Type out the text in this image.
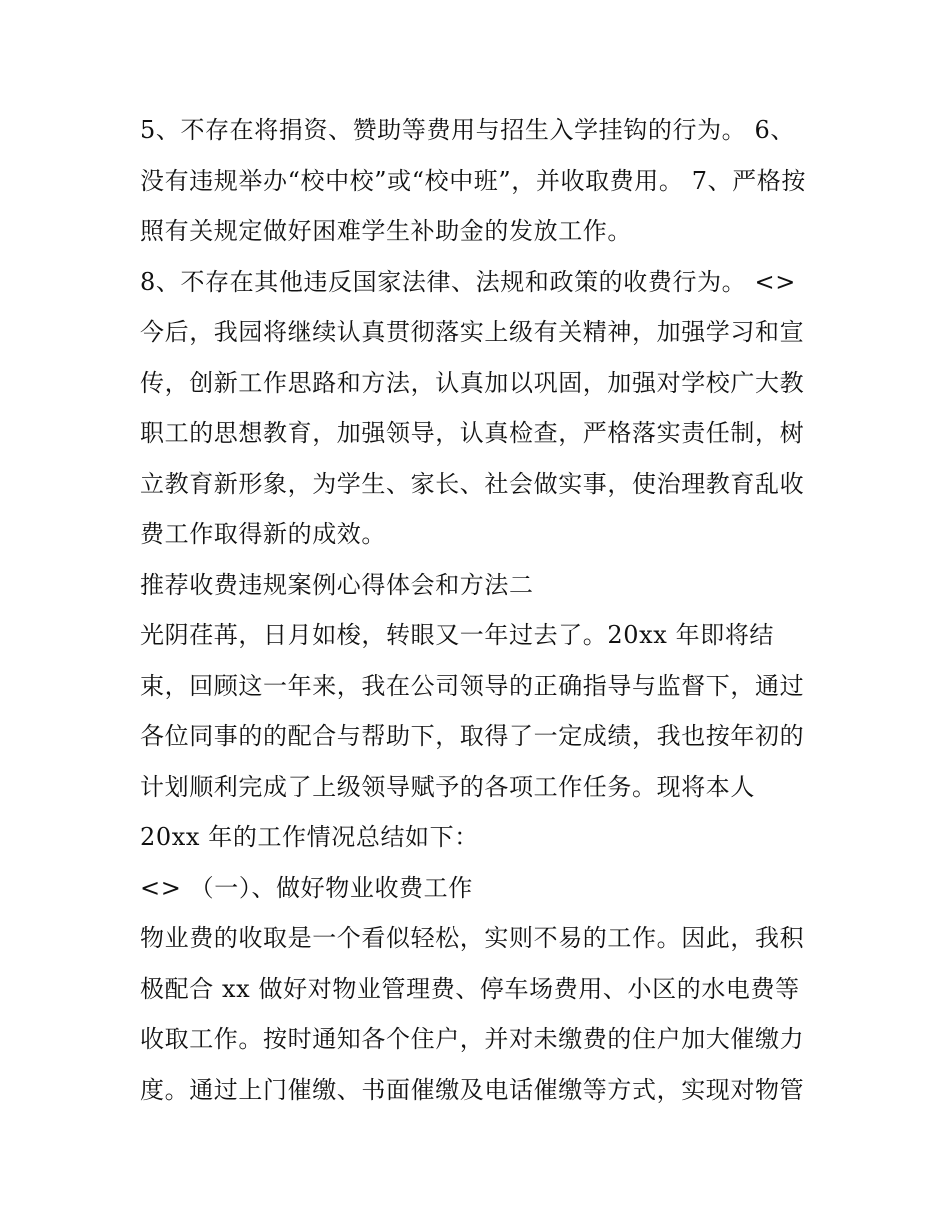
5、不存在将捐资、赞助等费用与招生入学挂钩的行为。 6、
没有违规举办“校中校”或“校中班”，并收取费用。 7、严格按
照有关规定做好困难学生补助金的发放工作。
8、不存在其他违反国家法律、法规和政策的收费行为。 <>
今后，我园将继续认真贯彻落实上级有关精神，加强学习和宣
传，创新工作思路和方法，认真加以巩固，加强对学校广大教
职工的思想教育，加强领导，认真检查，严格落实责任制，树
立教育新形象，为学生、家长、社会做实事，使治理教育乱收
费工作取得新的成效。
推荐收费违规案例心得体会和方法二
光阴荏苒，日月如梭，转眼又一年过去了。20xx 年即将结
束，回顾这一年来，我在公司领导的正确指导与监督下，通过
各位同事的的配合与帮助下，取得了一定成绩，我也按年初的
计划顺利完成了上级领导赋予的各项工作任务。现将本人
20xx 年的工作情况总结如下：
<> （一）、做好物业收费工作
物业费的收取是一个看似轻松，实则不易的工作。因此，我积
极配合 xx 做好对物业管理费、停车场费用、小区的水电费等
收取工作。按时通知各个住户，并对未缴费的住户加大催缴力
度。通过上门催缴、书面催缴及电话催缴等方式，实现对物管
